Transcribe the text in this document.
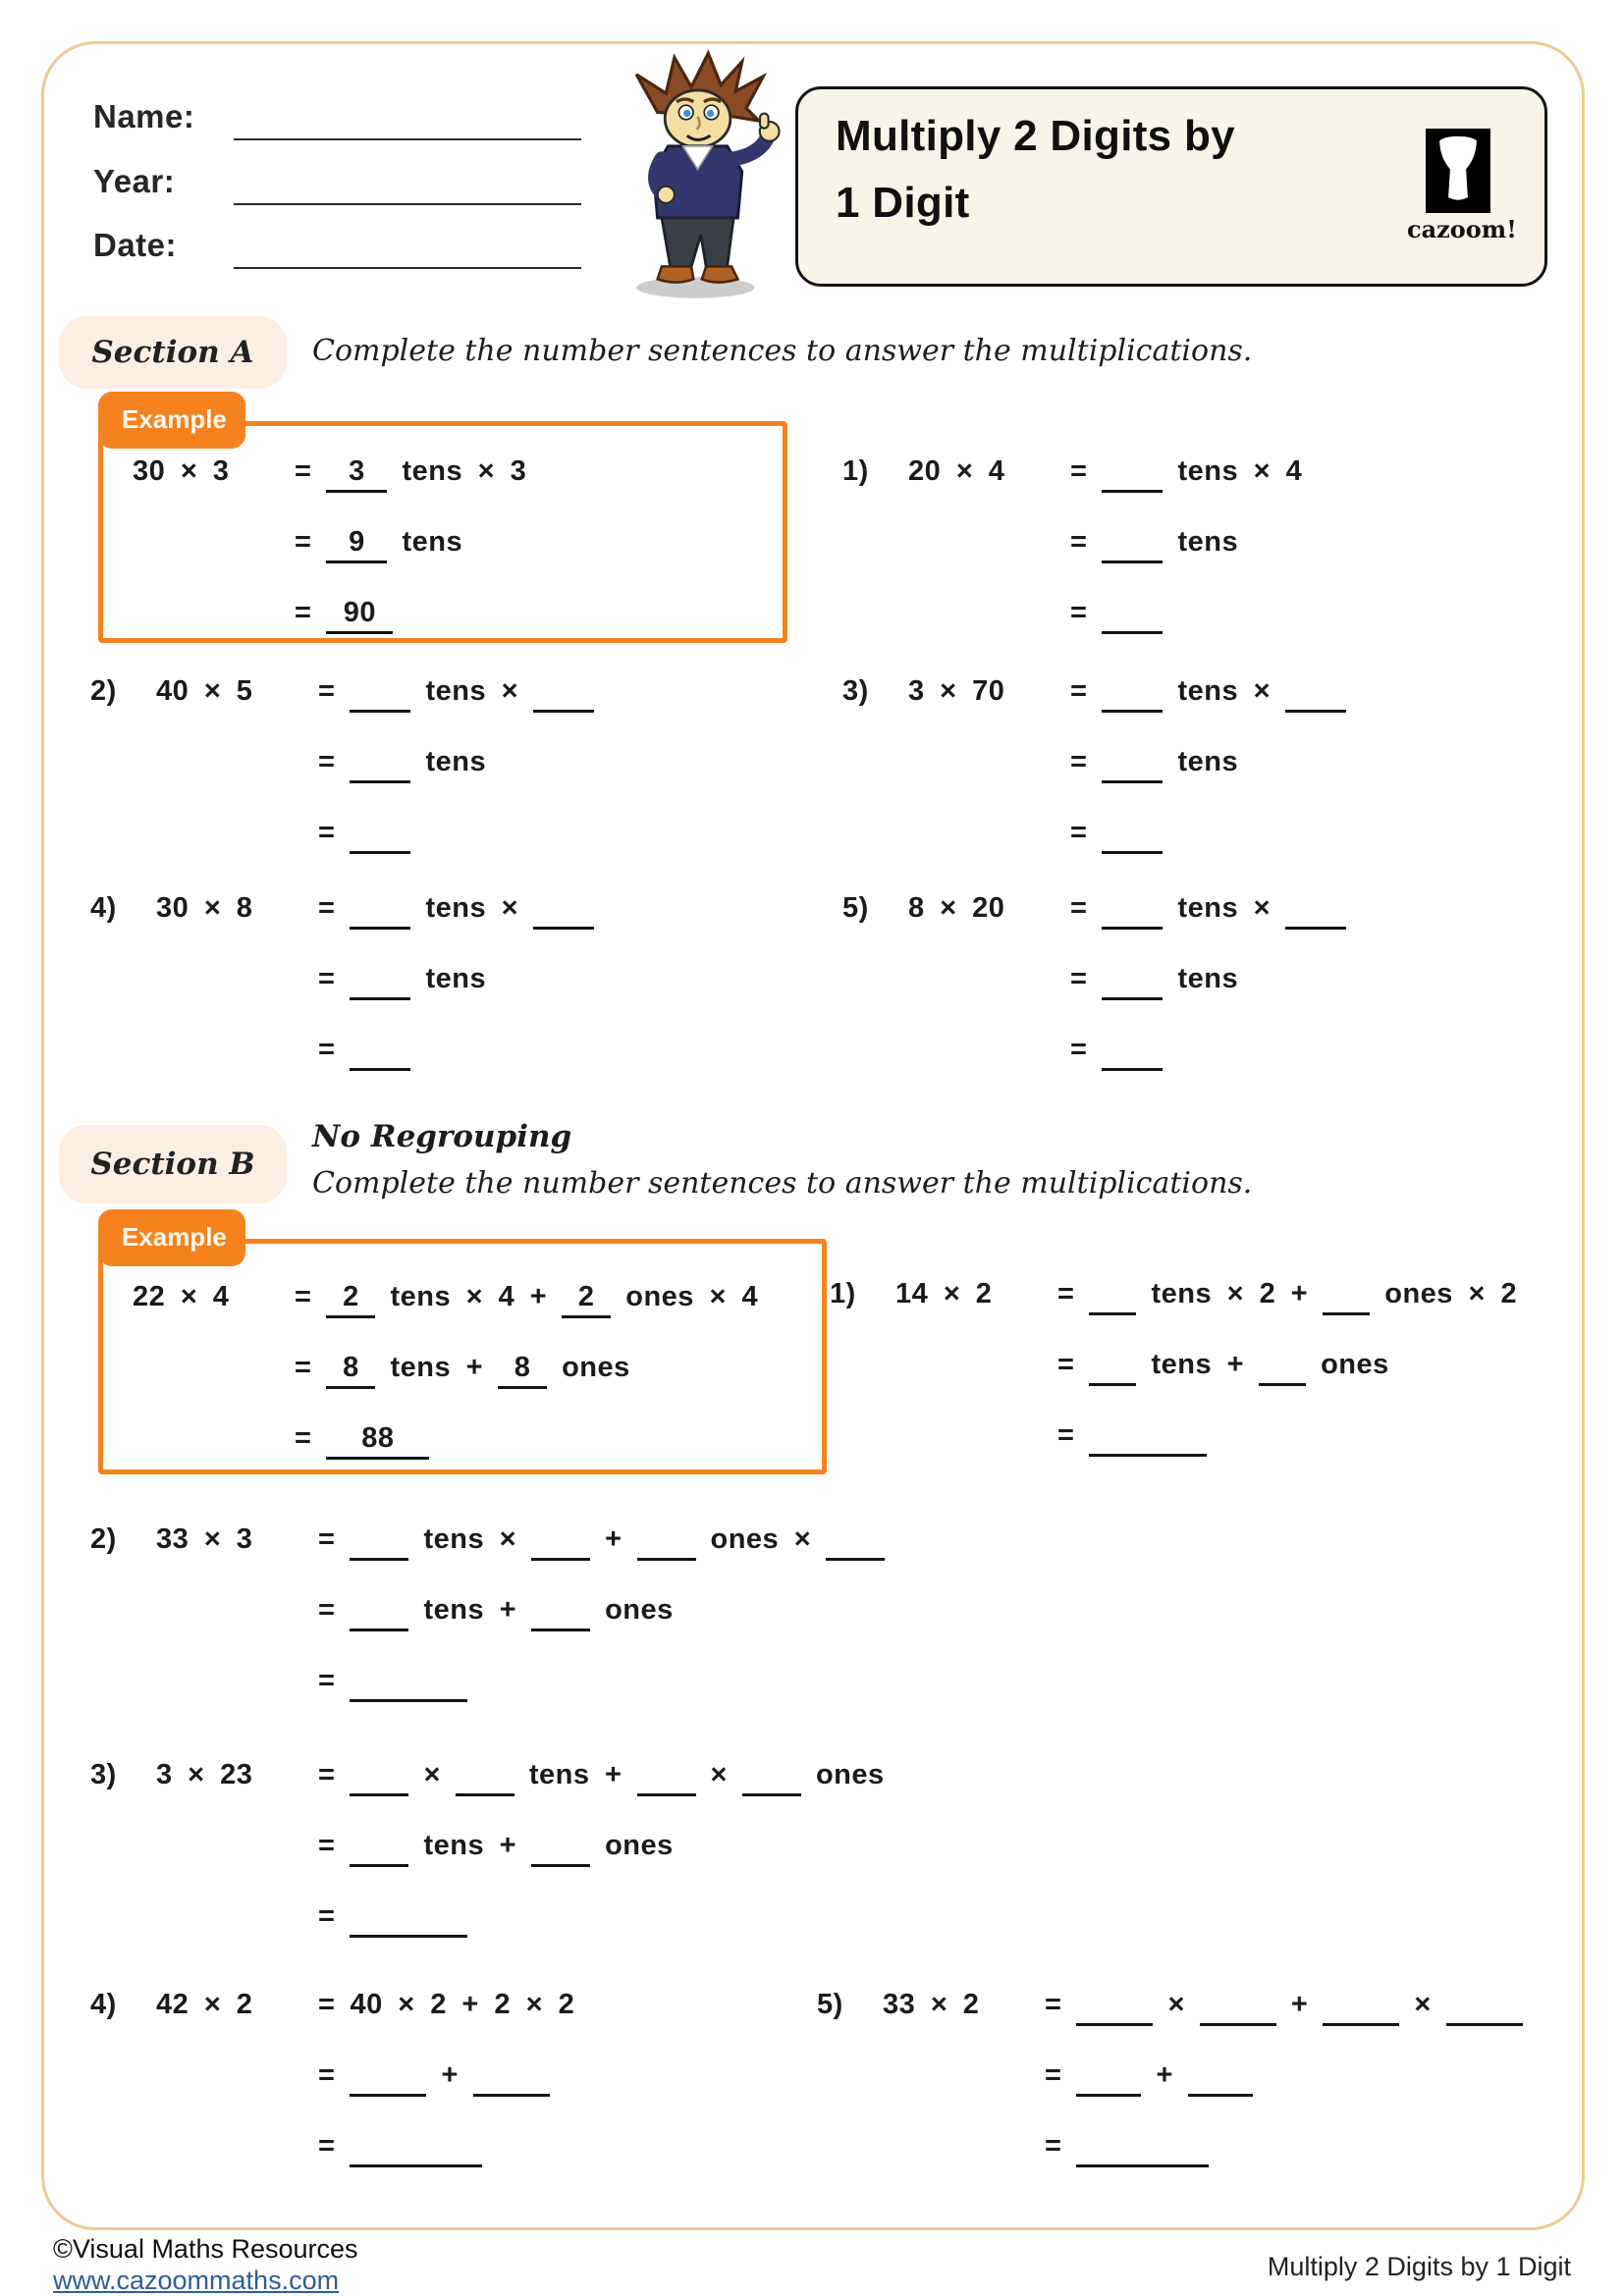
Name:
Year:
Date:
Multiply 2 Digits by
1 Digit
cazoom!
Section A Complete the number sentences to answer the multiplications.
Example
30 × 3	=	3	tens × 3
=	9	tens
=	90
1)	20 × 4	=	tens × 4
=	tens
=
2)	40 × 5	=	tens ×
=	tens
=
3)	3 × 70	=	tens ×
=	tens
=
4)	30 × 8	=	tens ×
=	tens
=
5)	8 × 20	=	tens ×
=	tens
=
Section B
No Regrouping
Complete the number sentences to answer the multiplications.
Example
22 × 4	=	2	tens × 4 +	2	ones × 4
=	8	tens +	8	ones
=	88
1)	14 × 2	=	tens × 2 +	ones × 2
=	tens +	ones
=
2)	33 × 3	=	tens ×	+	ones ×
=	tens +	ones
=
3)	3 × 23	=	×	tens +	×	ones
=	tens +	ones
=
4)	42 × 2	= 40 × 2 + 2 × 2
=	+
=
5)	33 × 2	=	×	+	×
=	+
=
©Visual Maths Resources
www.cazoommaths.com	Multiply 2 Digits by 1 Digit
